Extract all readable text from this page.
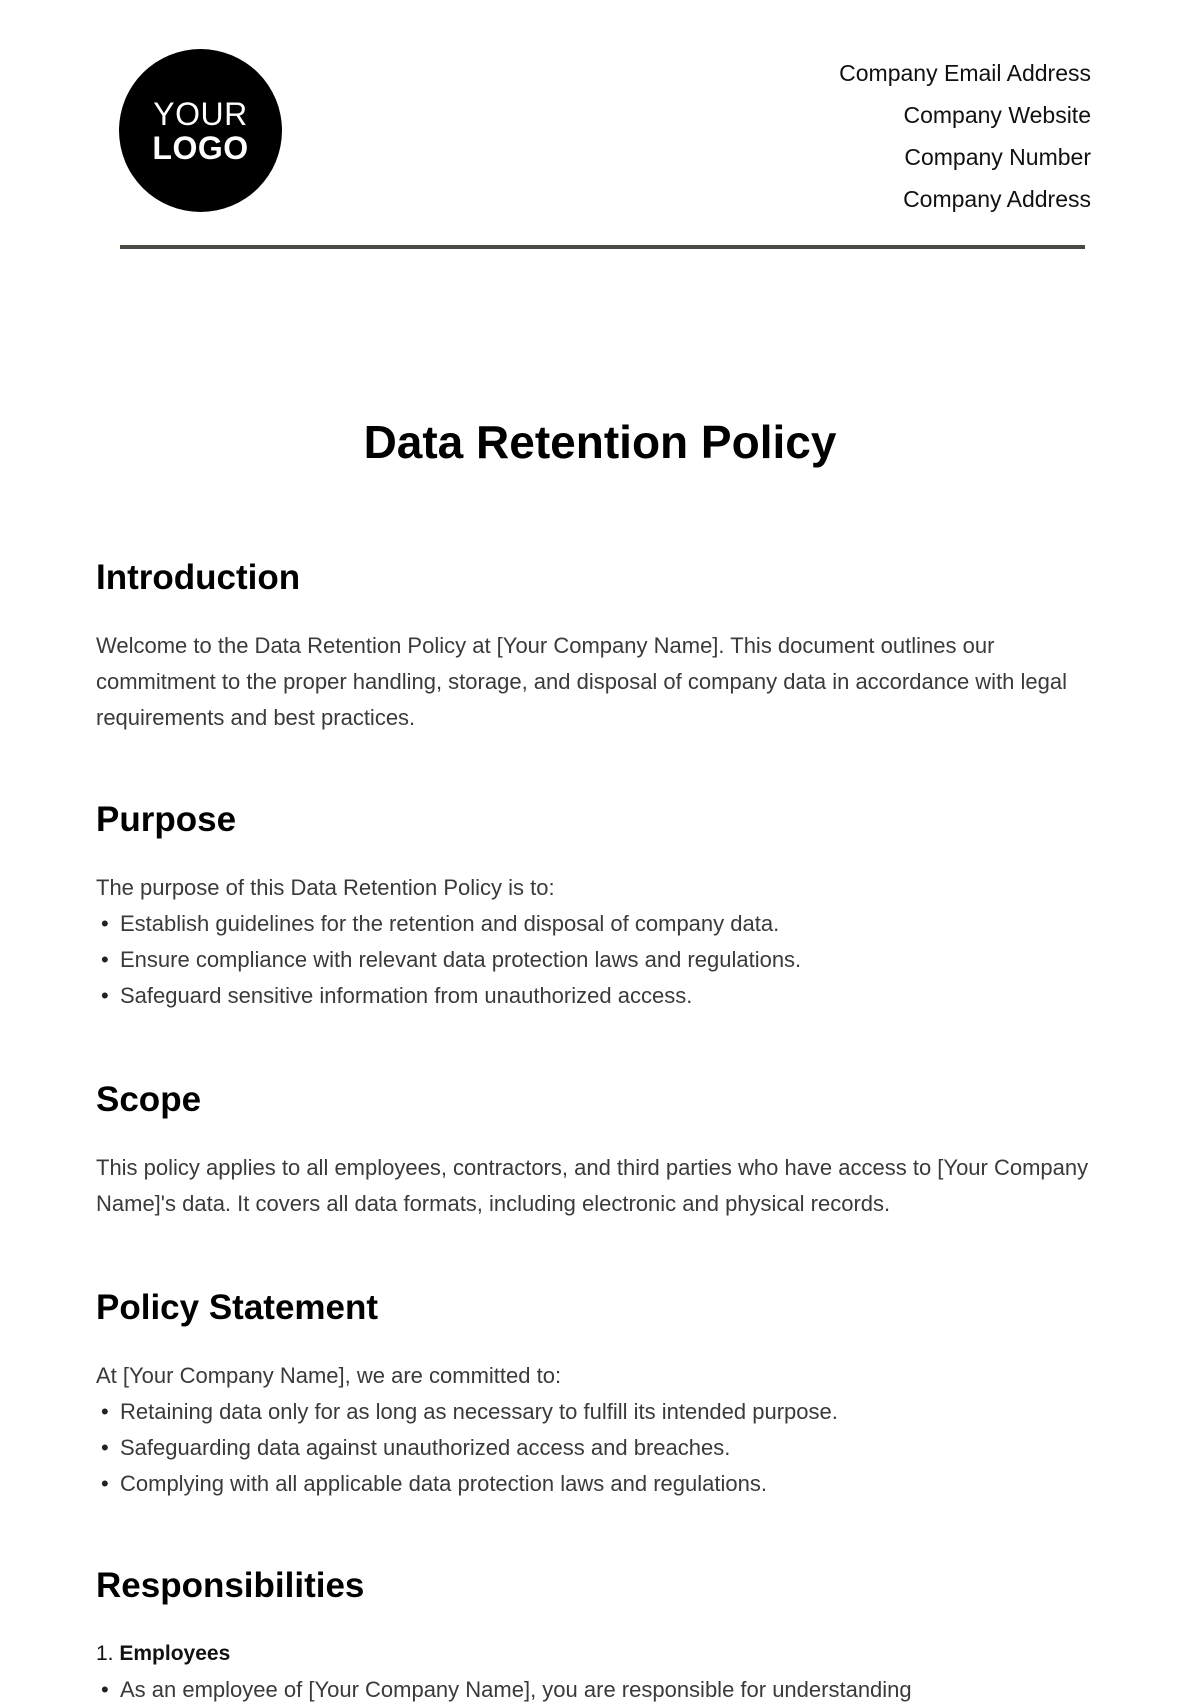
YOUR
LOGO
Company Email Address
Company Website
Company Number
Company Address
Data Retention Policy
Introduction

Welcome to the Data Retention Policy at [Your Company Name]. This document outlines our commitment to the proper handling, storage, and disposal of company data in accordance with legal requirements and best practices.

Purpose

The purpose of this Data Retention Policy is to:

• Establish guidelines for the retention and disposal of company data.
• Ensure compliance with relevant data protection laws and regulations.
• Safeguard sensitive information from unauthorized access.
Scope

This policy applies to all employees, contractors, and third parties who have access to [Your Company Name]'s data. It covers all data formats, including electronic and physical records.

Policy Statement

At [Your Company Name], we are committed to:

• Retaining data only for as long as necessary to fulfill its intended purpose.
• Safeguarding data against unauthorized access and breaches.
• Complying with all applicable data protection laws and regulations.
Responsibilities
1. Employees
• As an employee of [Your Company Name], you are responsible for understanding
